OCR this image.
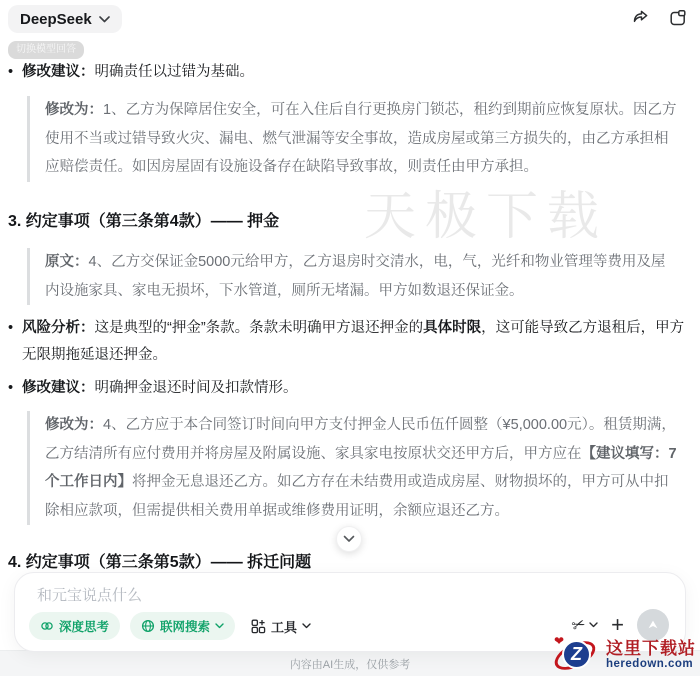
DeepSeek
切换模型回答
天极下载
• 修改建议：明确责任以过错为基础。
修改为：1、乙方为保障居住安全，可在入住后自行更换房门锁芯，租约到期前应恢复原状。因乙方使用不当或过错导致火灾、漏电、燃气泄漏等安全事故，造成房屋或第三方损失的，由乙方承担相应赔偿责任。如因房屋固有设施设备存在缺陷导致事故，则责任由甲方承担。
3. 约定事项（第三条第4款）—— 押金
原文：4、乙方交保证金5000元给甲方，乙方退房时交清水，电，气，光纤和物业管理等费用及屋内设施家具、家电无损坏，下水管道，厕所无堵漏。甲方如数退还保证金。
• 风险分析：这是典型的“押金”条款。条款未明确甲方退还押金的具体时限，这可能导致乙方退租后，甲方无限期拖延退还押金。
• 修改建议：明确押金退还时间及扣款情形。
修改为：4、乙方应于本合同签订时间向甲方支付押金人民币伍仟圆整（¥5,000.00元）。租赁期满，乙方结清所有应付费用并将房屋及附属设施、家具家电按原状交还甲方后，甲方应在【建议填写：7个工作日内】将押金无息退还乙方。如乙方存在未结费用或造成房屋、财物损坏的，甲方可从中扣除相应款项，但需提供相关费用单据或维修费用证明，余额应退还乙方。
4. 约定事项（第三条第5款）—— 拆迁问题
和元宝说点什么
深度思考	联网搜索	工具	✂ +
内容由AI生成，仅供参考
❤
Z	这里下载站
heredown.com
